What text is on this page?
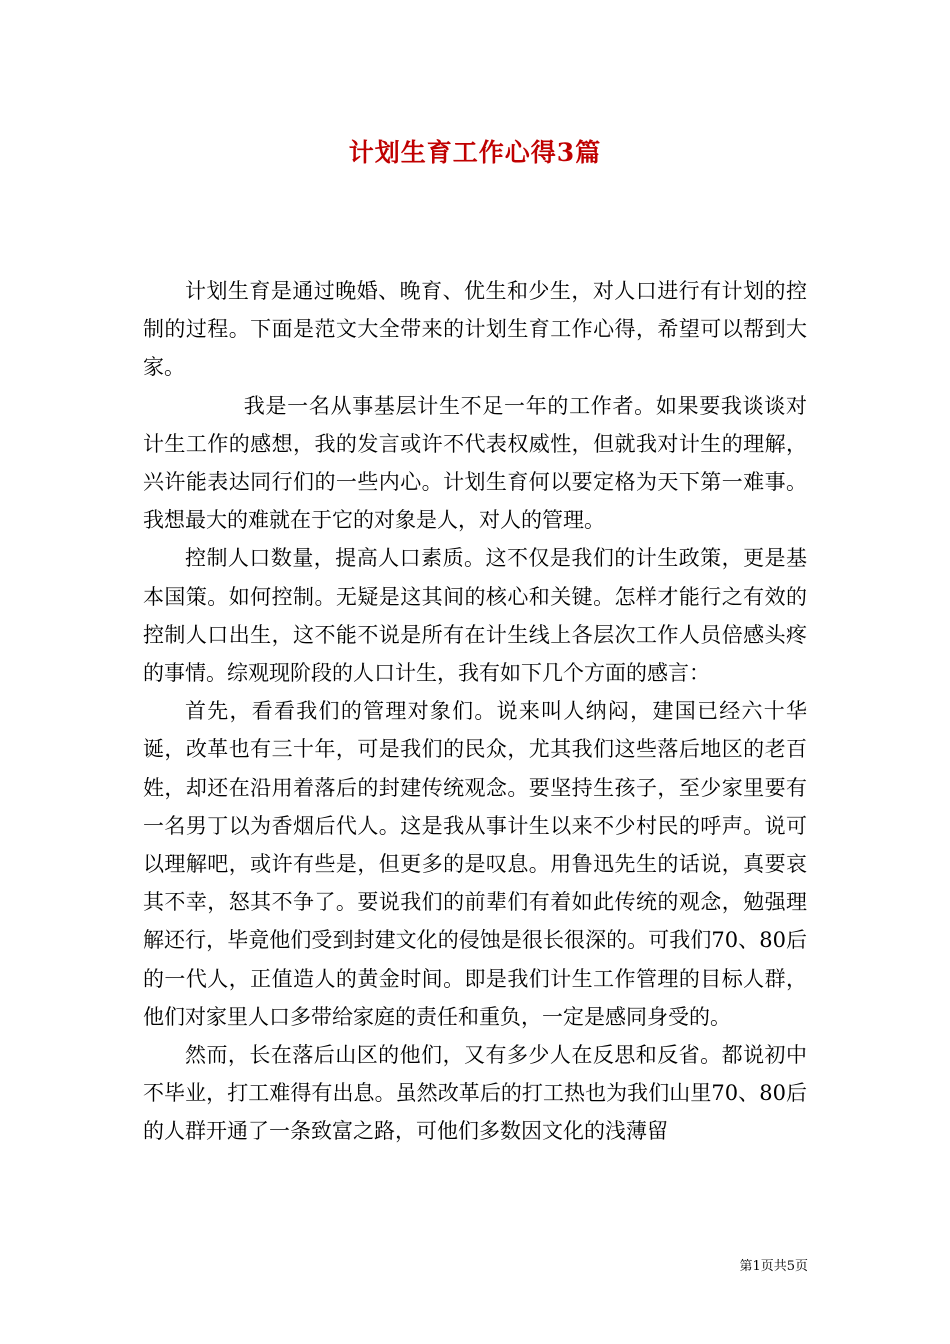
计划生育工作心得3篇

计划生育是通过晚婚、晚育、优生和少生，对人口进行有计划的控制的过程。下面是范文大全带来的计划生育工作心得，希望可以帮到大家。

我是一名从事基层计生不足一年的工作者。如果要我谈谈对计生工作的感想，我的发言或许不代表权威性，但就我对计生的理解，兴许能表达同行们的一些内心。计划生育何以要定格为天下第一难事。我想最大的难就在于它的对象是人，对人的管理。

控制人口数量，提高人口素质。这不仅是我们的计生政策，更是基本国策。如何控制。无疑是这其间的核心和关键。怎样才能行之有效的控制人口出生，这不能不说是所有在计生线上各层次工作人员倍感头疼的事情。综观现阶段的人口计生，我有如下几个方面的感言：

首先，看看我们的管理对象们。说来叫人纳闷，建国已经六十华诞，改革也有三十年，可是我们的民众，尤其我们这些落后地区的老百姓，却还在沿用着落后的封建传统观念。要坚持生孩子，至少家里要有一名男丁以为香烟后代人。这是我从事计生以来不少村民的呼声。说可以理解吧，或许有些是，但更多的是叹息。用鲁迅先生的话说，真要哀其不幸，怒其不争了。要说我们的前辈们有着如此传统的观念，勉强理解还行，毕竟他们受到封建文化的侵蚀是很长很深的。可我们70、80后的一代人，正值造人的黄金时间。即是我们计生工作管理的目标人群，他们对家里人口多带给家庭的责任和重负，一定是感同身受的。

然而，长在落后山区的他们，又有多少人在反思和反省。都说初中不毕业，打工难得有出息。虽然改革后的打工热也为我们山里70、80后的人群开通了一条致富之路，可他们多数因文化的浅薄留

第1页共5页
